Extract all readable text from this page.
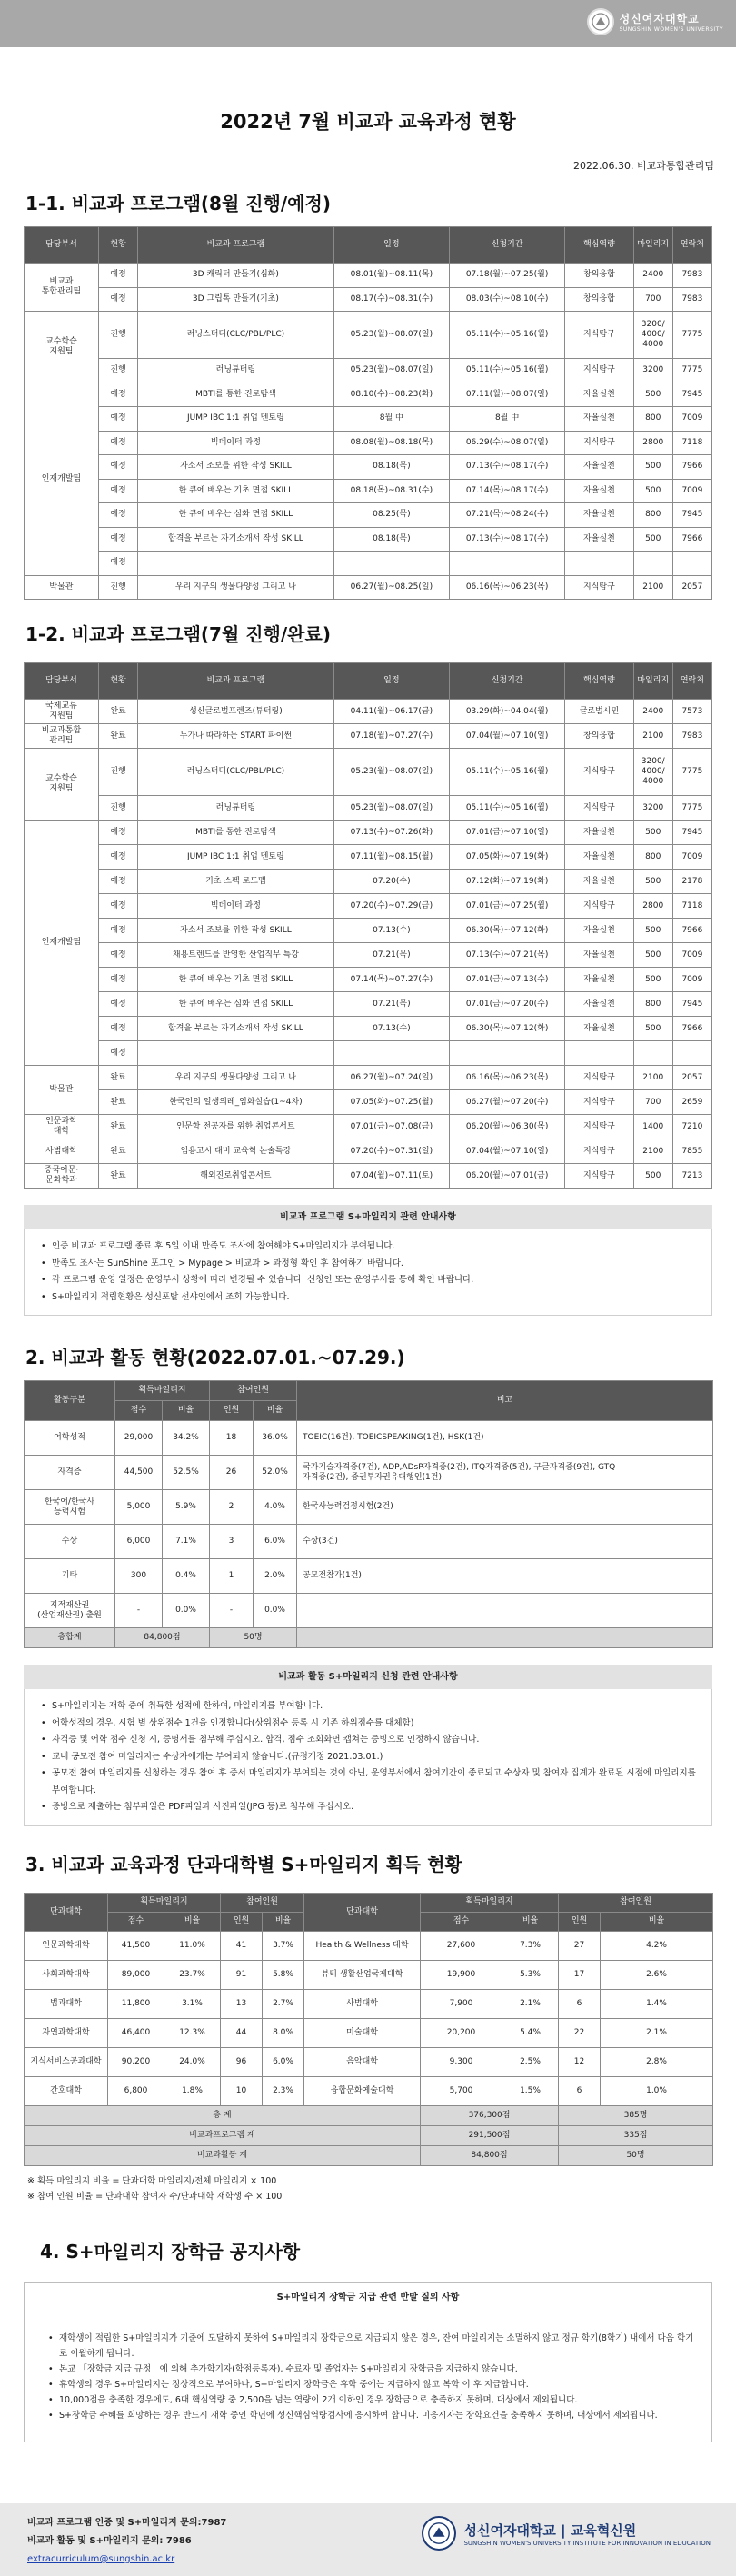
성신여자대학교
SUNGSHIN WOMEN'S UNIVERSITY
2022년 7월 비교과 교육과정 현황
2022.06.30. 비교과통합관리팀
1-1. 비교과 프로그램(8월 진행/예정)
담당부서	현황	비교과 프로그램	일정	신청기간	핵심역량	마일리지	연락처
비교과
통합관리팀	예정	3D 캐릭터 만들기(심화)	08.01(월)~08.11(목)	07.18(월)~07.25(월)	창의융합	2400	7983
	예정	3D 그립톡 만들기(기초)	08.17(수)~08.31(수)	08.03(수)~08.10(수)	창의융합	700	7983
교수학습
지원팀	진행	러닝스터디(CLC/PBL/PLC)	05.23(월)~08.07(일)	05.11(수)~05.16(월)	지식탐구	3200/
4000/
4000	7775
	진행	러닝튜터링	05.23(월)~08.07(일)	05.11(수)~05.16(월)	지식탐구	3200	7775
인재개발팀	예정	MBTI를 통한 진로탐색	08.10(수)~08.23(화)	07.11(월)~08.07(일)	자율실천	500	7945
	예정	JUMP IBC 1:1 취업 멘토링	8월 中	8월 中	자율실천	800	7009
	예정	빅데이터 과정	08.08(월)~08.18(목)	06.29(수)~08.07(일)	지식탐구	2800	7118
	예정	자소서 조보를 위한 작성 SKILL	08.18(목)	07.13(수)~08.17(수)	자율실천	500	7966
	예정	한 큐에 배우는 기초 면접 SKILL	08.18(목)~08.31(수)	07.14(목)~08.17(수)	자율실천	500	7009
	예정	한 큐에 배우는 심화 면접 SKILL	08.25(목)	07.21(목)~08.24(수)	자율실천	800	7945
	예정	합격을 부르는 자기소개서 작성 SKILL	08.18(목)	07.13(수)~08.17(수)	자율실천	500	7966
	예정						
박물관	진행	우리 지구의 생물다양성 그리고 나	06.27(월)~08.25(일)	06.16(목)~06.23(목)	지식탐구	2100	2057
1-2. 비교과 프로그램(7월 진행/완료)
담당부서	현황	비교과 프로그램	일정	신청기간	핵심역량	마일리지	연락처
국제교류
지원팀	완료	성신글로벌프렌즈(튜터링)	04.11(월)~06.17(금)	03.29(화)~04.04(월)	글로벌시민	2400	7573
비교과통합
관리팀	완료	누가나 따라하는 START 파이썬	07.18(월)~07.27(수)	07.04(월)~07.10(일)	창의융합	2100	7983
교수학습
지원팀	진행	러닝스터디(CLC/PBL/PLC)	05.23(월)~08.07(일)	05.11(수)~05.16(월)	지식탐구	3200/
4000/
4000	7775
	진행	러닝튜터링	05.23(월)~08.07(일)	05.11(수)~05.16(월)	지식탐구	3200	7775
인재개발팀	예정	MBTI를 통한 진로탐색	07.13(수)~07.26(화)	07.01(금)~07.10(일)	자율실천	500	7945
	예정	JUMP IBC 1:1 취업 멘토링	07.11(월)~08.15(월)	07.05(화)~07.19(화)	자율실천	800	7009
	예정	기초 스펙 로드맵	07.20(수)	07.12(화)~07.19(화)	자율실천	500	2178
	예정	빅데이터 과정	07.20(수)~07.29(금)	07.01(금)~07.25(월)	지식탐구	2800	7118
	예정	자소서 조보를 위한 작성 SKILL	07.13(수)	06.30(목)~07.12(화)	자율실천	500	7966
	예정	채용트렌드를 반영한 산업직무 특강	07.21(목)	07.13(수)~07.21(목)	자율실천	500	7009
	예정	한 큐에 배우는 기초 면접 SKILL	07.14(목)~07.27(수)	07.01(금)~07.13(수)	자율실천	500	7009
	예정	한 큐에 배우는 심화 면접 SKILL	07.21(목)	07.01(금)~07.20(수)	자율실천	800	7945
	예정	합격을 부르는 자기소개서 작성 SKILL	07.13(수)	06.30(목)~07.12(화)	자율실천	500	7966
	예정						
박물관	완료	우리 지구의 생물다양성 그리고 나	06.27(월)~07.24(일)	06.16(목)~06.23(목)	지식탐구	2100	2057
	완료	한국인의 일생의례_임화실습(1~4차)	07.05(화)~07.25(월)	06.27(월)~07.20(수)	지식탐구	700	2659
인문과학
대학	완료	인문학 전공자를 위한 취업콘서트	07.01(금)~07.08(금)	06.20(월)~06.30(목)	지식탐구	1400	7210
사범대학	완료	임용고시 대비 교육학 논술특강	07.20(수)~07.31(일)	07.04(월)~07.10(일)	지식탐구	2100	7855
중국어문·
문화학과	완료	해외진로취업콘서트	07.04(월)~07.11(토)	06.20(월)~07.01(금)	지식탐구	500	7213
비교과 프로그램 S+마일리지 관련 안내사항
• 인증 비교과 프로그램 종료 후 5일 이내 만족도 조사에 참여해야 S+마일리지가 부여됩니다.
• 만족도 조사는 SunShine 포그인 > Mypage > 비교과 > 과정형 확인 후 참여하기 바랍니다.
• 각 프로그램 운영 일정은 운영부서 상황에 따라 변경될 수 있습니다. 신청인 또는 운영부서를 통해 확인 바랍니다.
• S+마일리지 적립현황은 성신포탈 선샤인에서 조회 가능합니다.
2. 비교과 활동 현황(2022.07.01.~07.29.)
활동구분	획득마일리지		참여인원		비고
	점수	비율	인원	비율	
어학성적	29,000	34.2%	18	36.0%	TOEIC(16건), TOEICSPEAKING(1건), HSK(1건)
자격증	44,500	52.5%	26	52.0%	국가기술자격증(7건), ADP,ADsP자격증(2건), ITQ자격증(5건), 구글자격증(9건), GTQ
자격증(2건), 증권투자권유대행인(1건)
한국어/한국사
능력시험	5,000	5.9%	2	4.0%	한국사능력검정시험(2건)
수상	6,000	7.1%	3	6.0%	수상(3건)
기타	300	0.4%	1	2.0%	공모전참가(1건)
지적재산권
(산업재산권) 출원	-	0.0%	-	0.0%	
총합계	84,800점		50명		
비교과 활동 S+마일리지 신청 관련 안내사항
• S+마일리지는 재학 중에 취득한 성적에 한하여, 마일리지를 부여합니다.
• 어학성적의 경우, 시험 별 상위점수 1건을 인정합니다(상위점수 등록 시 기존 하위점수를 대체함)
• 자격증 및 어학 점수 신청 시, 증명서를 첨부해 주십시오. 합격, 점수 조회화면 캡쳐는 증빙으로 인정하지 않습니다.
• 교내 공모전 참여 마일리지는 수상자에게는 부여되지 않습니다.(규정개정 2021.03.01.)
• 공모전 참여 마일리지를 신청하는 경우 참여 후 증서 마일리지가 부여되는 것이 아닌, 운영부서에서 참여기간이 종료되고 수상자 및 참여자 집계가 완료된 시점에 마일리지를 부여합니다.
• 증빙으로 제출하는 첨부파일은 PDF파일과 사진파일(JPG 등)로 첨부해 주십시오.
3. 비교과 교육과정 단과대학별 S+마일리지 획득 현황
단과대학	획득마일리지		참여인원		단과대학	획득마일리지		참여인원	
	점수	비율	인원	비율		점수	비율	인원	비율
인문과학대학	41,500	11.0%	41	3.7%	Health & Wellness 대학	27,600	7.3%	27	4.2%
사회과학대학	89,000	23.7%	91	5.8%	뷰티 생활산업국제대학	19,900	5.3%	17	2.6%
법과대학	11,800	3.1%	13	2.7%	사범대학	7,900	2.1%	6	1.4%
자연과학대학	46,400	12.3%	44	8.0%	미술대학	20,200	5.4%	22	2.1%
지식서비스공과대학	90,200	24.0%	96	6.0%	음악대학	9,300	2.5%	12	2.8%
간호대학	6,800	1.8%	10	2.3%	융합문화예술대학	5,700	1.5%	6	1.0%
총 계						376,300점		385명	
비교과프로그램 계						291,500점		335점	
비교과활동 계						84,800점		50명	
※ 획득 마일리지 비율 = 단과대학 마일리지/전체 마일리지 × 100
※ 참여 인원 비율 = 단과대학 참여자 수/단과대학 재학생 수 × 100
4. S+마일리지 장학금 공지사항
S+마일리지 장학금 지급 관련 반발 질의 사항
• 재학생이 적립한 S+마일리지가 기준에 도달하지 못하여 S+마일리지 장학금으로 지급되지 않은 경우, 잔여 마일리지는 소멸하지 않고 정규 학기(8학기) 내에서 다음 학기로 이월하게 됩니다.
• 본교 「장학금 지급 규정」에 의해 추가학기자(학점등록자), 수료자 및 졸업자는 S+마일리지 장학금을 지급하지 않습니다.
• 휴학생의 경우 S+마일리지는 정상적으로 부여하나, S+마일리지 장학금은 휴학 중에는 지급하지 않고 복학 이 후 지급합니다.
• 10,000점을 충족한 경우에도, 6대 핵심역량 중 2,500을 넘는 역량이 2개 이하인 경우 장학금으로 충족하지 못하며, 대상에서 제외됩니다.
• S+장학금 수혜를 희망하는 경우 반드시 재학 중인 학년에 성신핵심역량검사에 응시하여 합니다. 미응시자는 장학요건을 충족하지 못하며, 대상에서 제외됩니다.
비교과 프로그램 인증 및 S+마일리지 문의:7987
비교과 활동 및 S+마일리지 문의: 7986
extracurriculum@sungshin.ac.kr
성신여자대학교 | 교육혁신원
SUNGSHIN WOMEN'S UNIVERSITY INSTITUTE FOR INNOVATION IN EDUCATION
